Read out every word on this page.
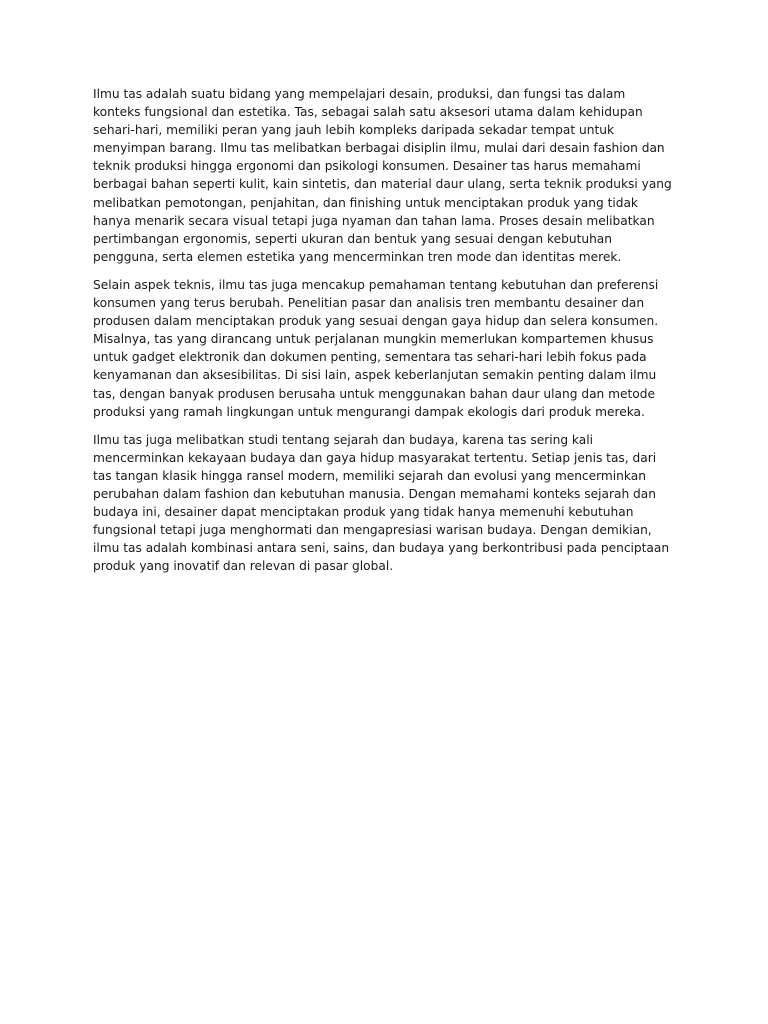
Ilmu tas adalah suatu bidang yang mempelajari desain, produksi, dan fungsi tas dalam konteks fungsional dan estetika. Tas, sebagai salah satu aksesori utama dalam kehidupan sehari-hari, memiliki peran yang jauh lebih kompleks daripada sekadar tempat untuk menyimpan barang. Ilmu tas melibatkan berbagai disiplin ilmu, mulai dari desain fashion dan teknik produksi hingga ergonomi dan psikologi konsumen. Desainer tas harus memahami berbagai bahan seperti kulit, kain sintetis, dan material daur ulang, serta teknik produksi yang melibatkan pemotongan, penjahitan, dan finishing untuk menciptakan produk yang tidak hanya menarik secara visual tetapi juga nyaman dan tahan lama. Proses desain melibatkan pertimbangan ergonomis, seperti ukuran dan bentuk yang sesuai dengan kebutuhan pengguna, serta elemen estetika yang mencerminkan tren mode dan identitas merek.

Selain aspek teknis, ilmu tas juga mencakup pemahaman tentang kebutuhan dan preferensi konsumen yang terus berubah. Penelitian pasar dan analisis tren membantu desainer dan produsen dalam menciptakan produk yang sesuai dengan gaya hidup dan selera konsumen. Misalnya, tas yang dirancang untuk perjalanan mungkin memerlukan kompartemen khusus untuk gadget elektronik dan dokumen penting, sementara tas sehari-hari lebih fokus pada kenyamanan dan aksesibilitas. Di sisi lain, aspek keberlanjutan semakin penting dalam ilmu tas, dengan banyak produsen berusaha untuk menggunakan bahan daur ulang dan metode produksi yang ramah lingkungan untuk mengurangi dampak ekologis dari produk mereka.

Ilmu tas juga melibatkan studi tentang sejarah dan budaya, karena tas sering kali mencerminkan kekayaan budaya dan gaya hidup masyarakat tertentu. Setiap jenis tas, dari tas tangan klasik hingga ransel modern, memiliki sejarah dan evolusi yang mencerminkan perubahan dalam fashion dan kebutuhan manusia. Dengan memahami konteks sejarah dan budaya ini, desainer dapat menciptakan produk yang tidak hanya memenuhi kebutuhan fungsional tetapi juga menghormati dan mengapresiasi warisan budaya. Dengan demikian, ilmu tas adalah kombinasi antara seni, sains, dan budaya yang berkontribusi pada penciptaan produk yang inovatif dan relevan di pasar global.
